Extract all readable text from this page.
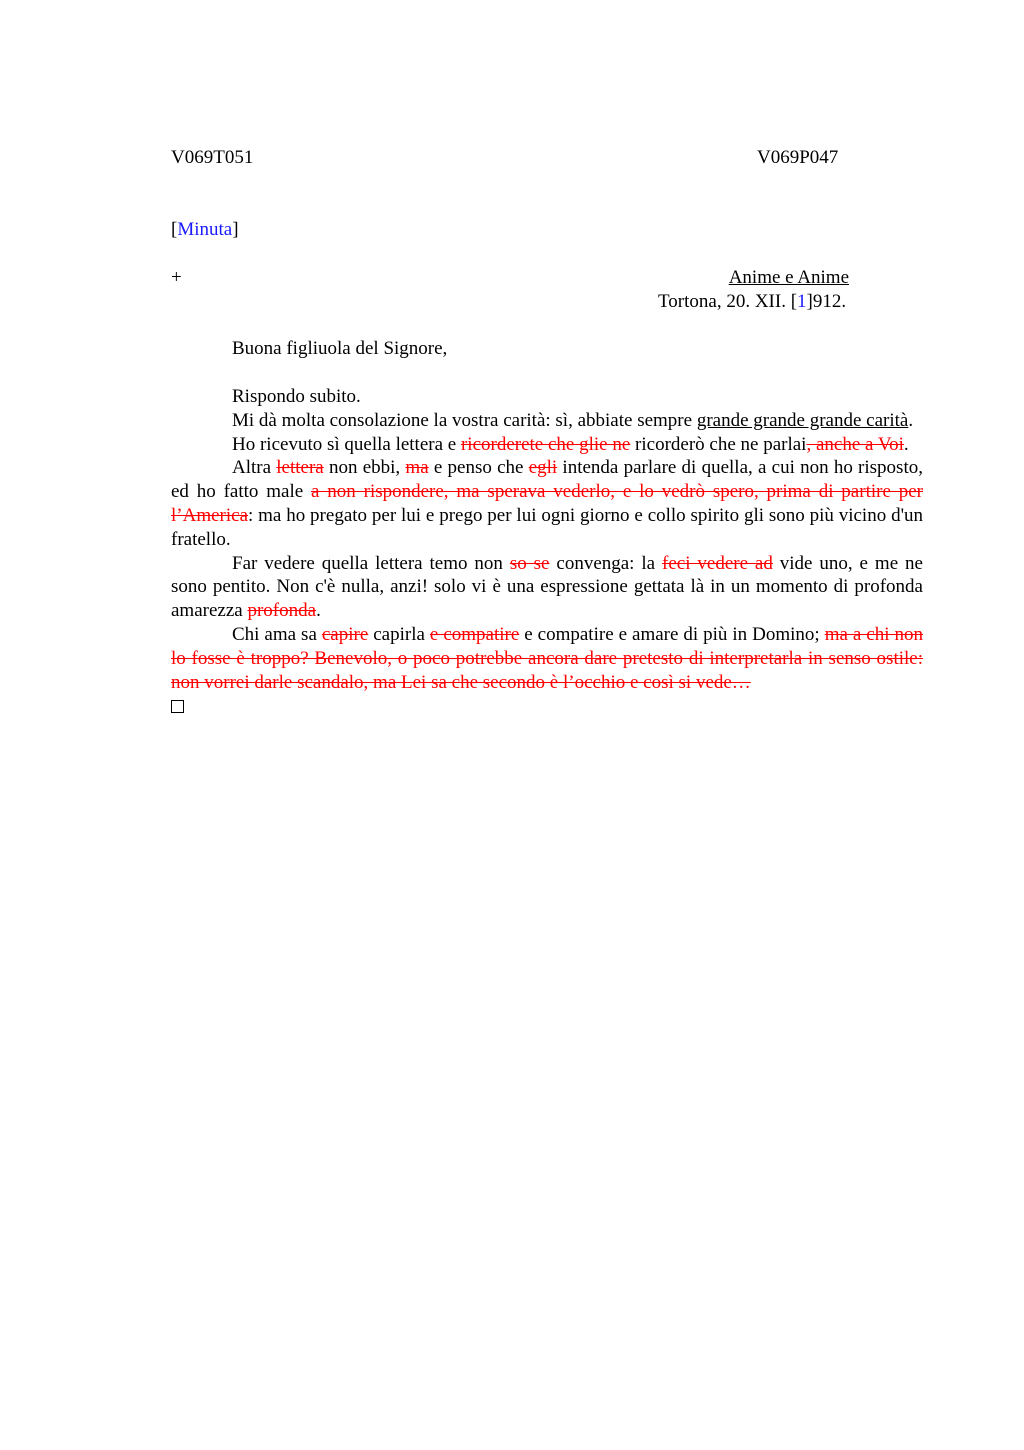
V069T051	V069P047
[Minuta]
+	Anime e Anime
Tortona, 20. XII. [1]912.
Buona figliuola del Signore,

Rispondo subito.

Mi dà molta consolazione la vostra carità: sì, abbiate sempre grande grande grande carità.

Ho ricevuto sì quella lettera e ricorderete che glie ne ricorderò che ne parlai, anche a Voi.

Altra lettera non ebbi, ma e penso che egli intenda parlare di quella, a cui non ho risposto, ed ho fatto male a non rispondere, ma sperava vederlo, e lo vedrò spero, prima di partire per l’America: ma ho pregato per lui e prego per lui ogni giorno e collo spirito gli sono più vicino d'un fratello.

Far vedere quella lettera temo non so se convenga: la feci vedere ad vide uno, e me ne sono pentito. Non c'è nulla, anzi! solo vi è una espressione gettata là in un momento di profonda amarezza profonda.

Chi ama sa capire capirla e compatire e compatire e amare di più in Domino; ma a chi non lo fosse è troppo? Benevolo, o poco potrebbe ancora dare pretesto di interpretarla in senso ostile: non vorrei darle scandalo, ma Lei sa che secondo è l’occhio e così si vede…
